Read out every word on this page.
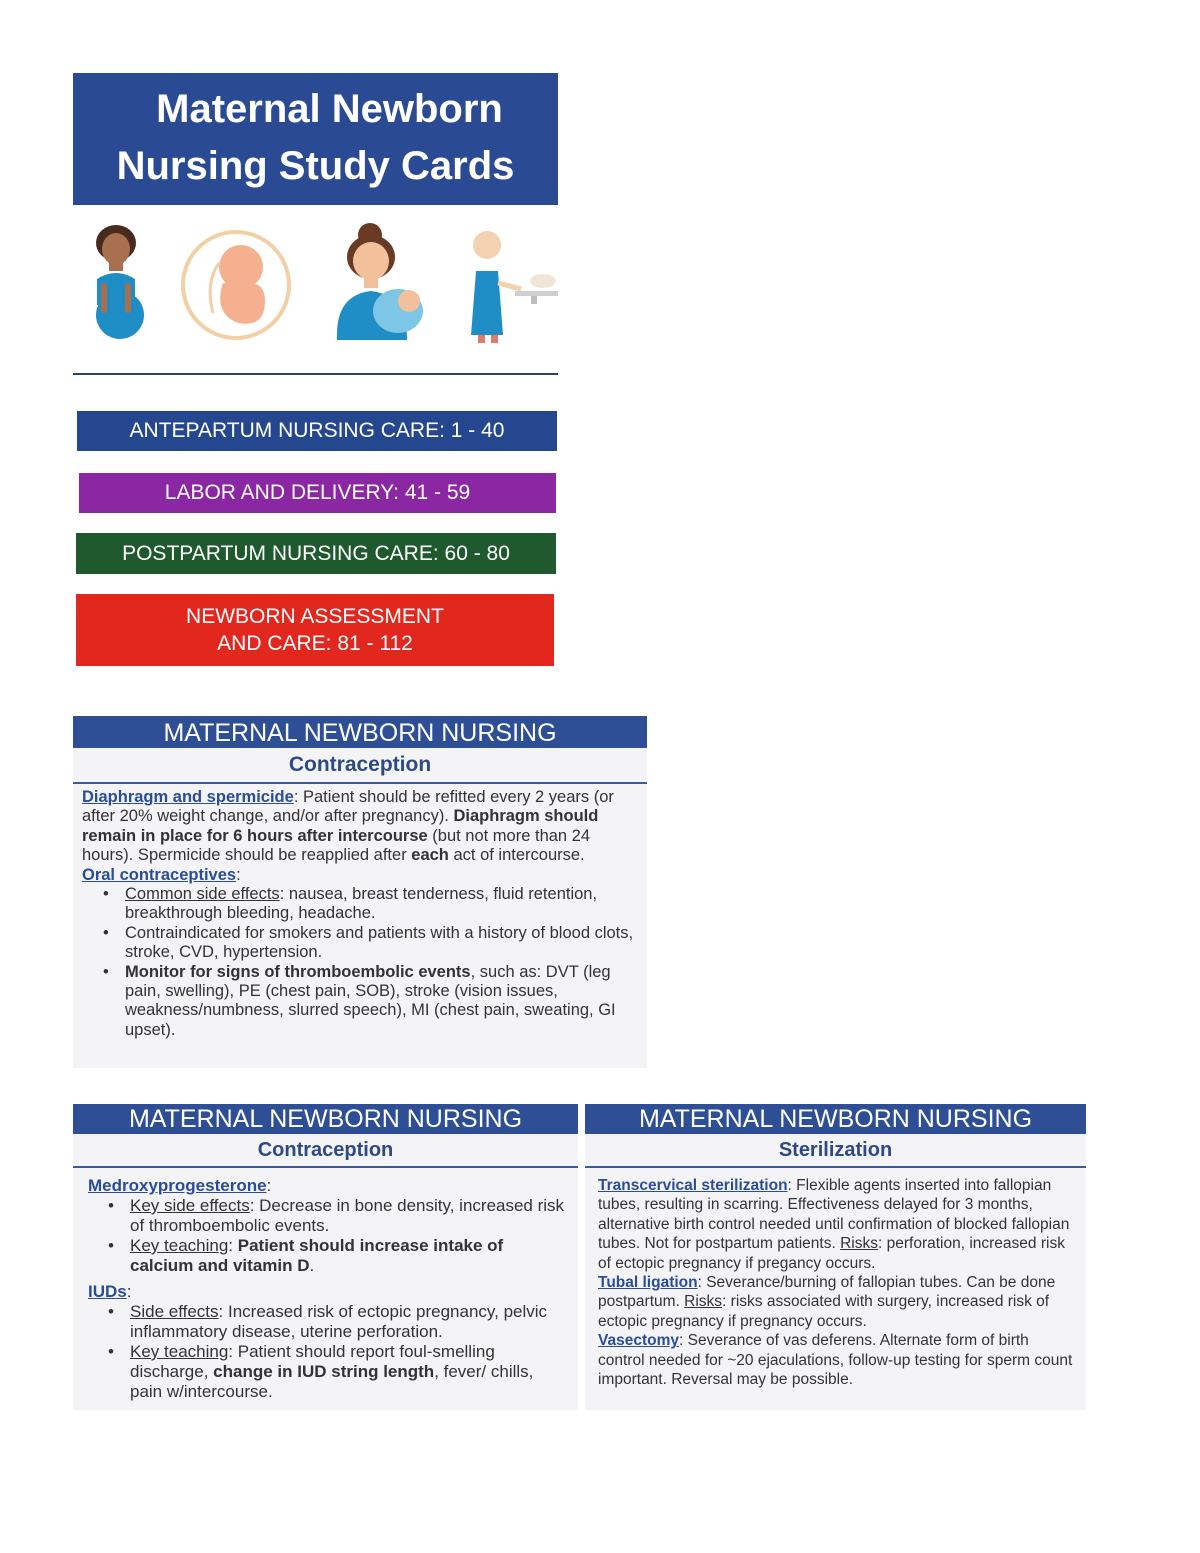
Maternal Newborn
Nursing Study Cards
ANTEPARTUM NURSING CARE: 1 - 40
LABOR AND DELIVERY: 41 - 59
POSTPARTUM NURSING CARE: 60 - 80
NEWBORN ASSESSMENT
AND CARE: 81 - 112
MATERNAL NEWBORN NURSING
Contraception

Diaphragm and spermicide: Patient should be refitted every 2 years (or after 20% weight change, and/or after pregnancy). Diaphragm should remain in place for 6 hours after intercourse (but not more than 24 hours). Spermicide should be reapplied after each act of intercourse.

Oral contraceptives:

• Common side effects: nausea, breast tenderness, fluid retention, breakthrough bleeding, headache.
• Contraindicated for smokers and patients with a history of blood clots, stroke, CVD, hypertension.
• Monitor for signs of thromboembolic events, such as: DVT (leg pain, swelling), PE (chest pain, SOB), stroke (vision issues, weakness/numbness, slurred speech), MI (chest pain, sweating, GI upset).
MATERNAL NEWBORN NURSING
Contraception

Medroxyprogesterone:

• Key side effects: Decrease in bone density, increased risk of thromboembolic events.
• Key teaching: Patient should increase intake of calcium and vitamin D.

IUDs:

• Side effects: Increased risk of ectopic pregnancy, pelvic inflammatory disease, uterine perforation.
• Key teaching: Patient should report foul-smelling discharge, change in IUD string length, fever/ chills, pain w/intercourse.
MATERNAL NEWBORN NURSING
Sterilization

Transcervical sterilization: Flexible agents inserted into fallopian tubes, resulting in scarring. Effectiveness delayed for 3 months, alternative birth control needed until confirmation of blocked fallopian tubes. Not for postpartum patients. Risks: perforation, increased risk of ectopic pregnancy if pregancy occurs.

Tubal ligation: Severance/burning of fallopian tubes. Can be done postpartum. Risks: risks associated with surgery, increased risk of ectopic pregnancy if pregnancy occurs.

Vasectomy: Severance of vas deferens. Alternate form of birth control needed for ~20 ejaculations, follow-up testing for sperm count important. Reversal may be possible.
